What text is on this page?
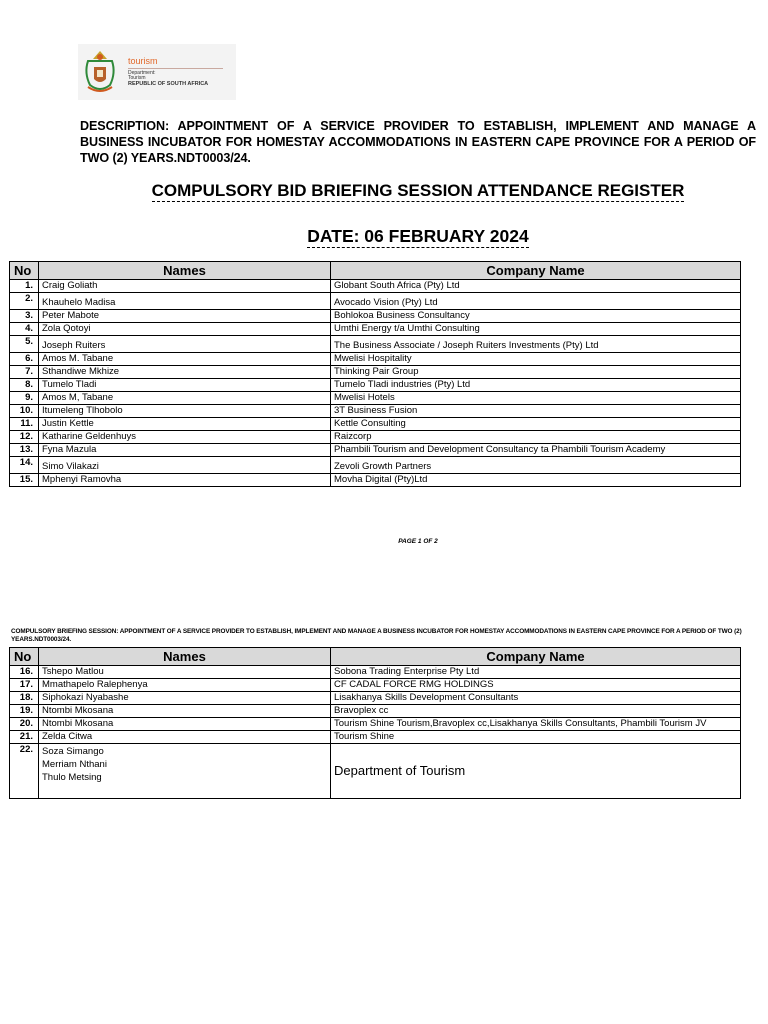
tourism
Department:
Tourism
REPUBLIC OF SOUTH AFRICA
DESCRIPTION: APPOINTMENT OF A SERVICE PROVIDER TO ESTABLISH, IMPLEMENT AND MANAGE A BUSINESS INCUBATOR FOR HOMESTAY ACCOMMODATIONS IN EASTERN CAPE PROVINCE FOR A PERIOD OF TWO (2) YEARS.NDT0003/24.
COMPULSORY BID BRIEFING SESSION ATTENDANCE REGISTER
DATE: 06 FEBRUARY 2024
No	Names	Company Name
1.	Craig Goliath	Globant South Africa (Pty) Ltd
2.	Khauhelo Madisa	Avocado Vision (Pty) Ltd
3.	Peter Mabote	Bohlokoa Business Consultancy
4.	Zola Qotoyi	Umthi Energy t/a Umthi Consulting
5.	Joseph Ruiters	The Business Associate / Joseph Ruiters Investments (Pty) Ltd
6.	Amos M. Tabane	Mwelisi Hospitality
7.	Sthandiwe Mkhize	Thinking Pair Group
8.	Tumelo Tladi	Tumelo Tladi industries (Pty) Ltd
9.	Amos M, Tabane	Mwelisi Hotels
10.	Itumeleng Tlhobolo	3T Business Fusion
11.	Justin Kettle	Kettle Consulting
12.	Katharine Geldenhuys	Raizcorp
13.	Fyna Mazula	Phambili Tourism and Development Consultancy ta Phambili Tourism Academy
14.	Simo Vilakazi	Zevoli Growth Partners
15.	Mphenyi Ramovha	Movha Digital (Pty)Ltd
PAGE 1 OF 2
COMPULSORY BRIEFING SESSION: APPOINTMENT OF A SERVICE PROVIDER TO ESTABLISH, IMPLEMENT AND MANAGE A BUSINESS INCUBATOR FOR HOMESTAY ACCOMMODATIONS IN EASTERN CAPE PROVINCE FOR A PERIOD OF TWO (2) YEARS.NDT0003/24.
No	Names	Company Name
16.	Tshepo Matlou	Sobona Trading Enterprise Pty Ltd
17.	Mmathapelo Ralephenya	CF CADAL FORCE RMG HOLDINGS
18.	Siphokazi Nyabashe	Lisakhanya Skills Development Consultants
19.	Ntombi Mkosana	Bravoplex cc
20.	Ntombi Mkosana	Tourism Shine Tourism,Bravoplex cc,Lisakhanya Skills Consultants, Phambili Tourism JV
21.	Zelda Citwa	Tourism Shine
22.	Soza Simango
Merriam Nthani
Thulo Metsing	Department of Tourism
